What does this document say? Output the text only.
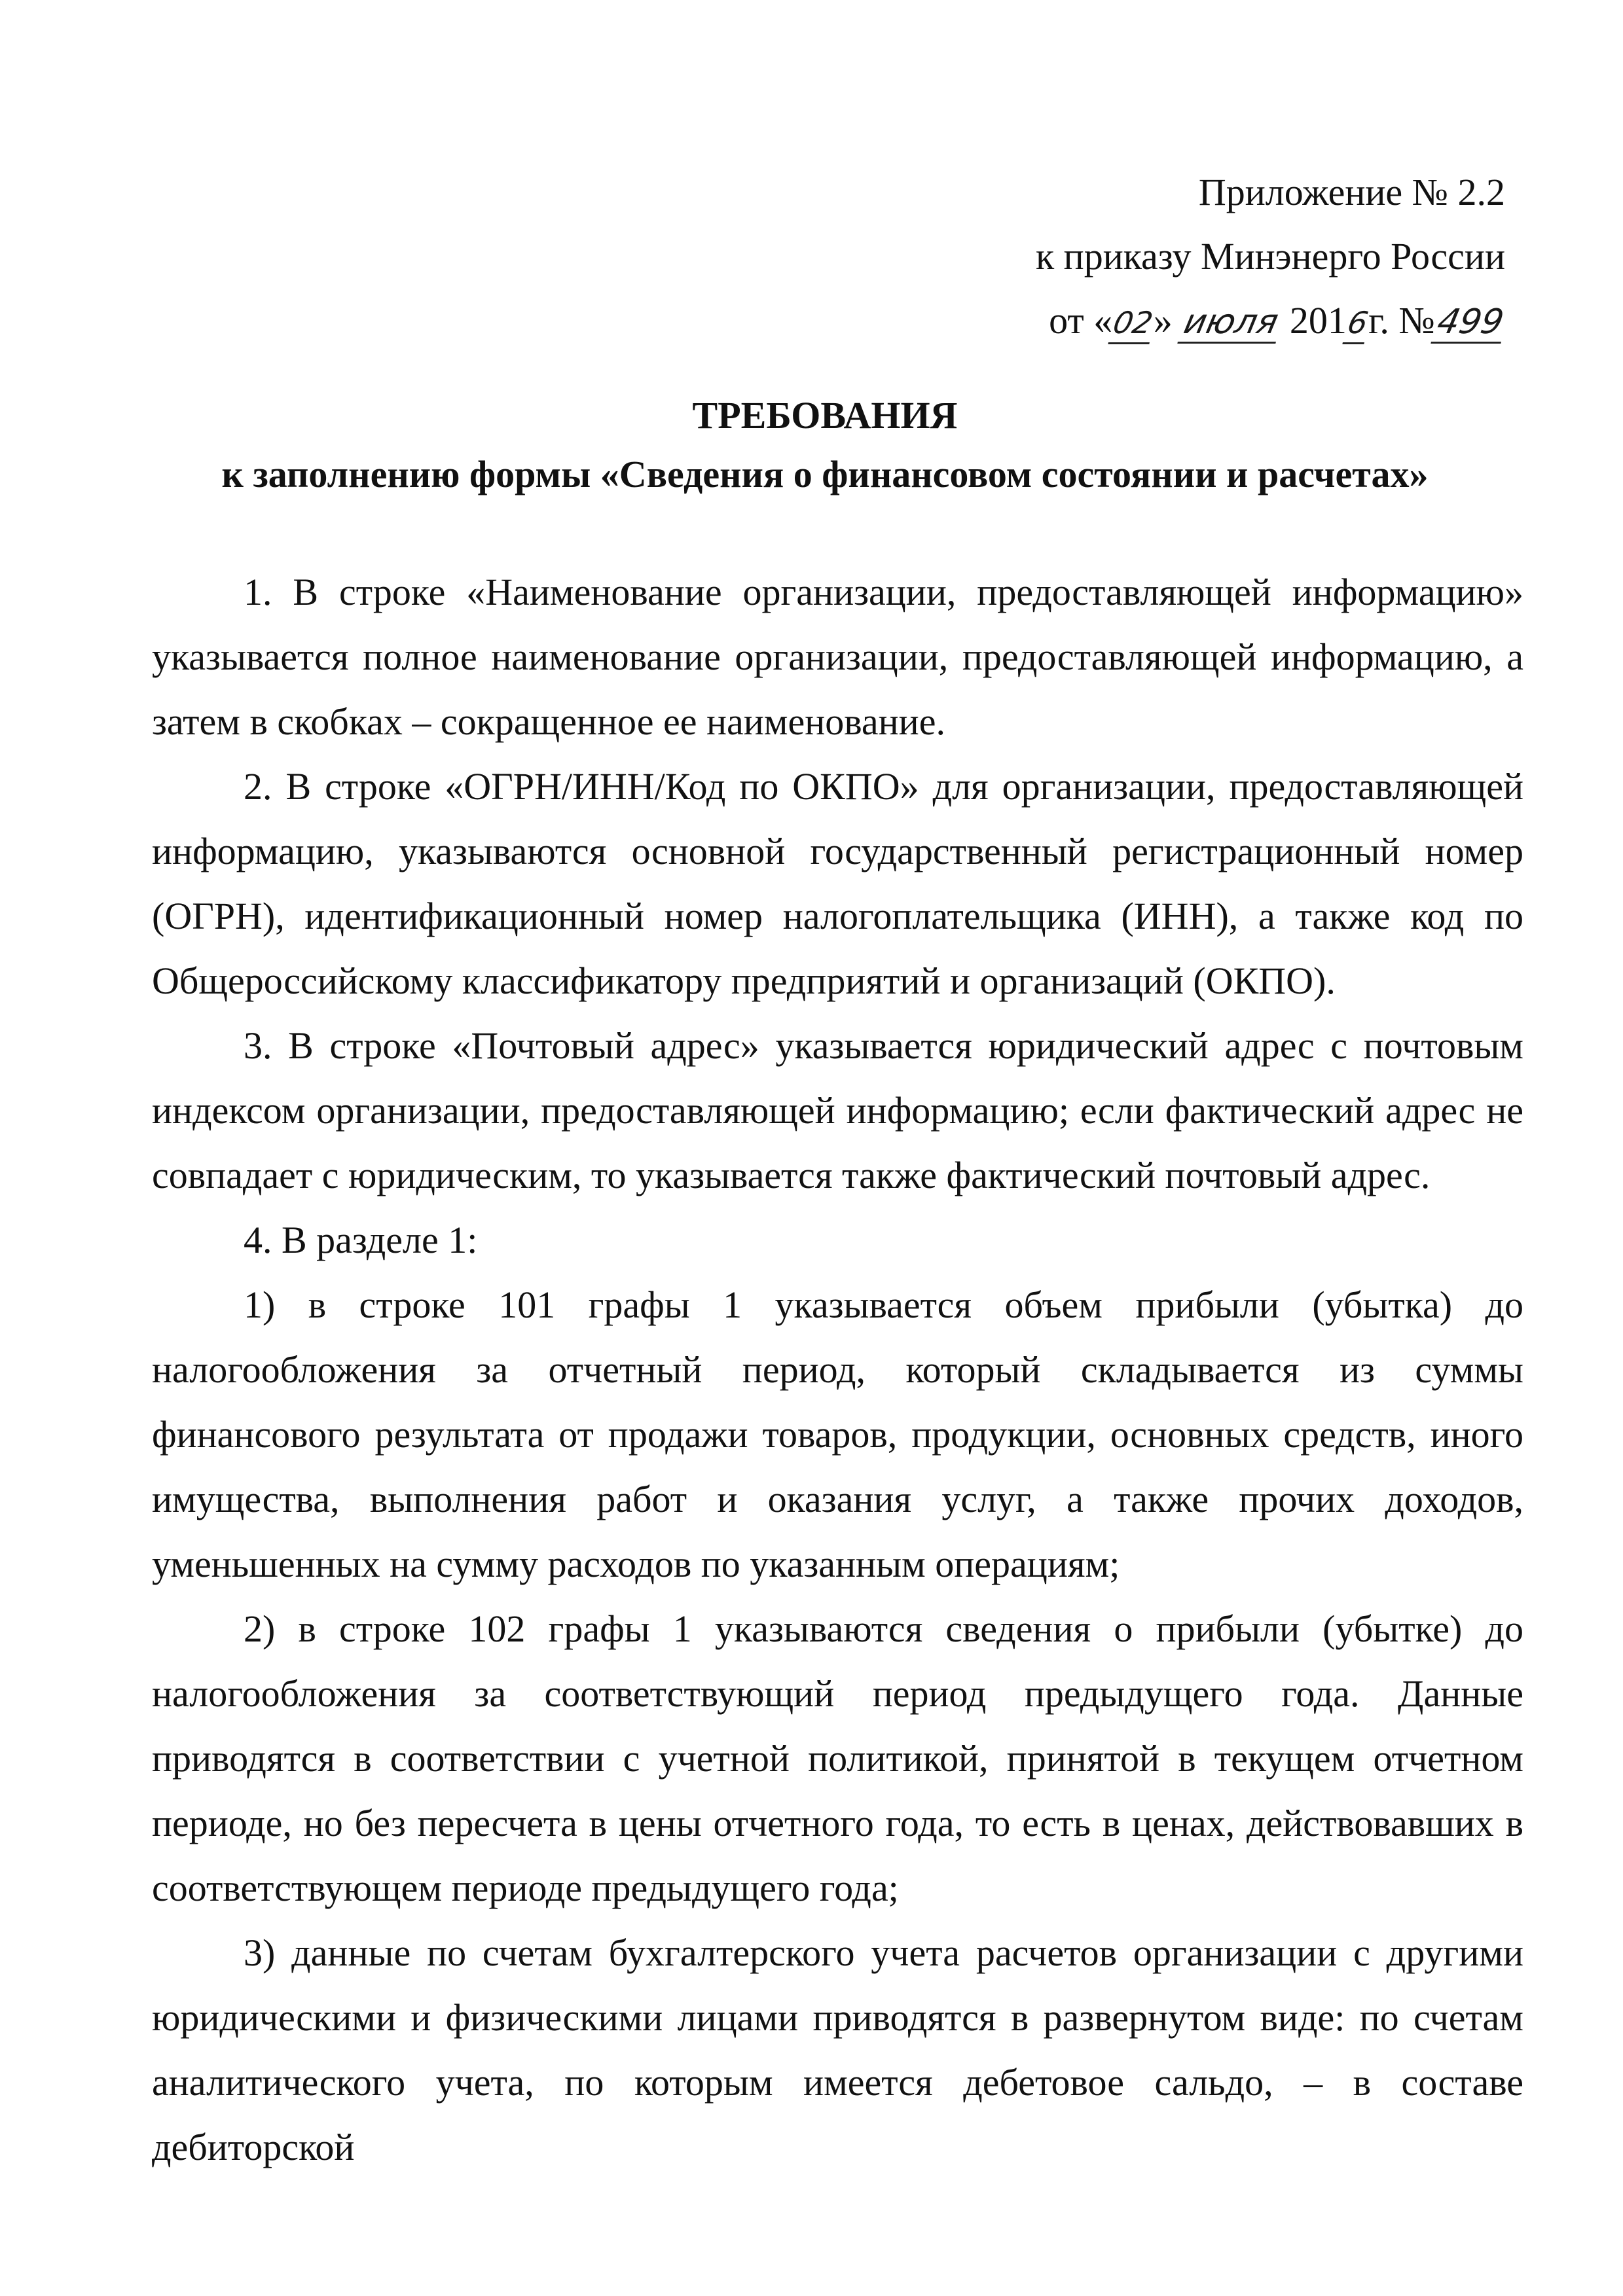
Приложение № 2.2
к приказу Минэнерго России
от «02» июля 2016г. №499
ТРЕБОВАНИЯ
к заполнению формы «Сведения о финансовом состоянии и расчетах»

1. В строке «Наименование организации, предоставляющей информацию» указывается полное наименование организации, предоставляющей информацию, а затем в скобках – сокращенное ее наименование.

2. В строке «ОГРН/ИНН/Код по ОКПО» для организации, предоставляющей информацию, указываются основной государственный регистрационный номер (ОГРН), идентификационный номер налогоплательщика (ИНН), а также код по Общероссийскому классификатору предприятий и организаций (ОКПО).

3. В строке «Почтовый адрес» указывается юридический адрес с почтовым индексом организации, предоставляющей информацию; если фактический адрес не совпадает с юридическим, то указывается также фактический почтовый адрес.

4. В разделе 1:

1) в строке 101 графы 1 указывается объем прибыли (убытка) до налогообложения за отчетный период, который складывается из суммы финансового результата от продажи товаров, продукции, основных средств, иного имущества, выполнения работ и оказания услуг, а также прочих доходов, уменьшенных на сумму расходов по указанным операциям;

2) в строке 102 графы 1 указываются сведения о прибыли (убытке) до налогообложения за соответствующий период предыдущего года. Данные приводятся в соответствии с учетной политикой, принятой в текущем отчетном периоде, но без пересчета в цены отчетного года, то есть в ценах, действовавших в соответствующем периоде предыдущего года;

3) данные по счетам бухгалтерского учета расчетов организации с другими юридическими и физическими лицами приводятся в развернутом виде: по счетам аналитического учета, по которым имеется дебетовое сальдо, – в составе дебиторской
